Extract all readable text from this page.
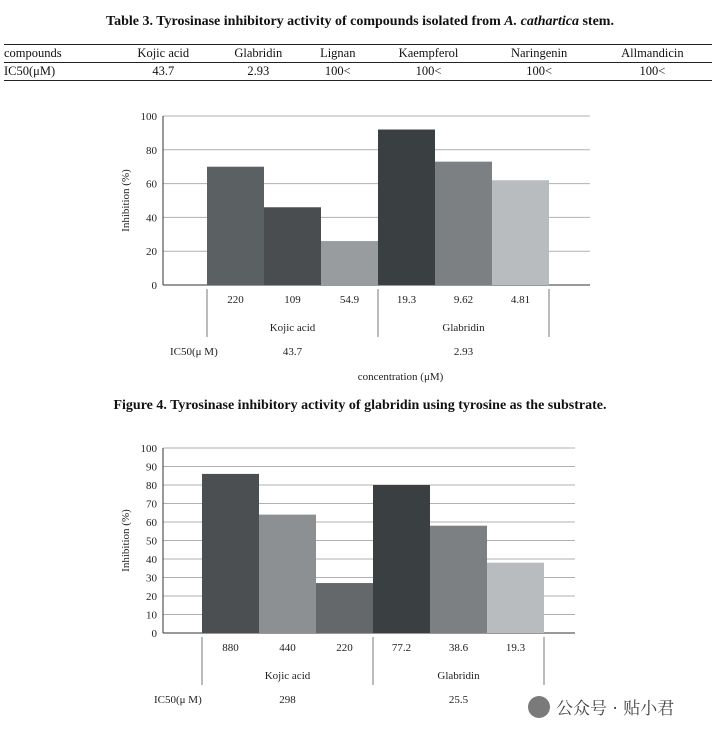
Table 3. Tyrosinase inhibitory activity of compounds isolated from A. cathartica stem.
compounds	Kojic acid	Glabridin	Lignan	Kaempferol	Naringenin	Allmandicin
IC50(μM)	43.7	2.93	100<	100<	100<	100<
0
20
40
60
80
100
Inhibition (%)
220	109	54.9	19.3	9.62	4.81
Kojic acid
43.7
Glabridin
2.93
IC50(μ M)
concentration (μM)
Figure 4. Tyrosinase inhibitory activity of glabridin using tyrosine as the substrate.
0
10
20
30
40
50
60
70
80
90
100
Inhibition (%)
880	440	220	77.2	38.6	19.3
Kojic acid
298
Glabridin
25.5
IC50(μ M)	公众号 · 贴小君
